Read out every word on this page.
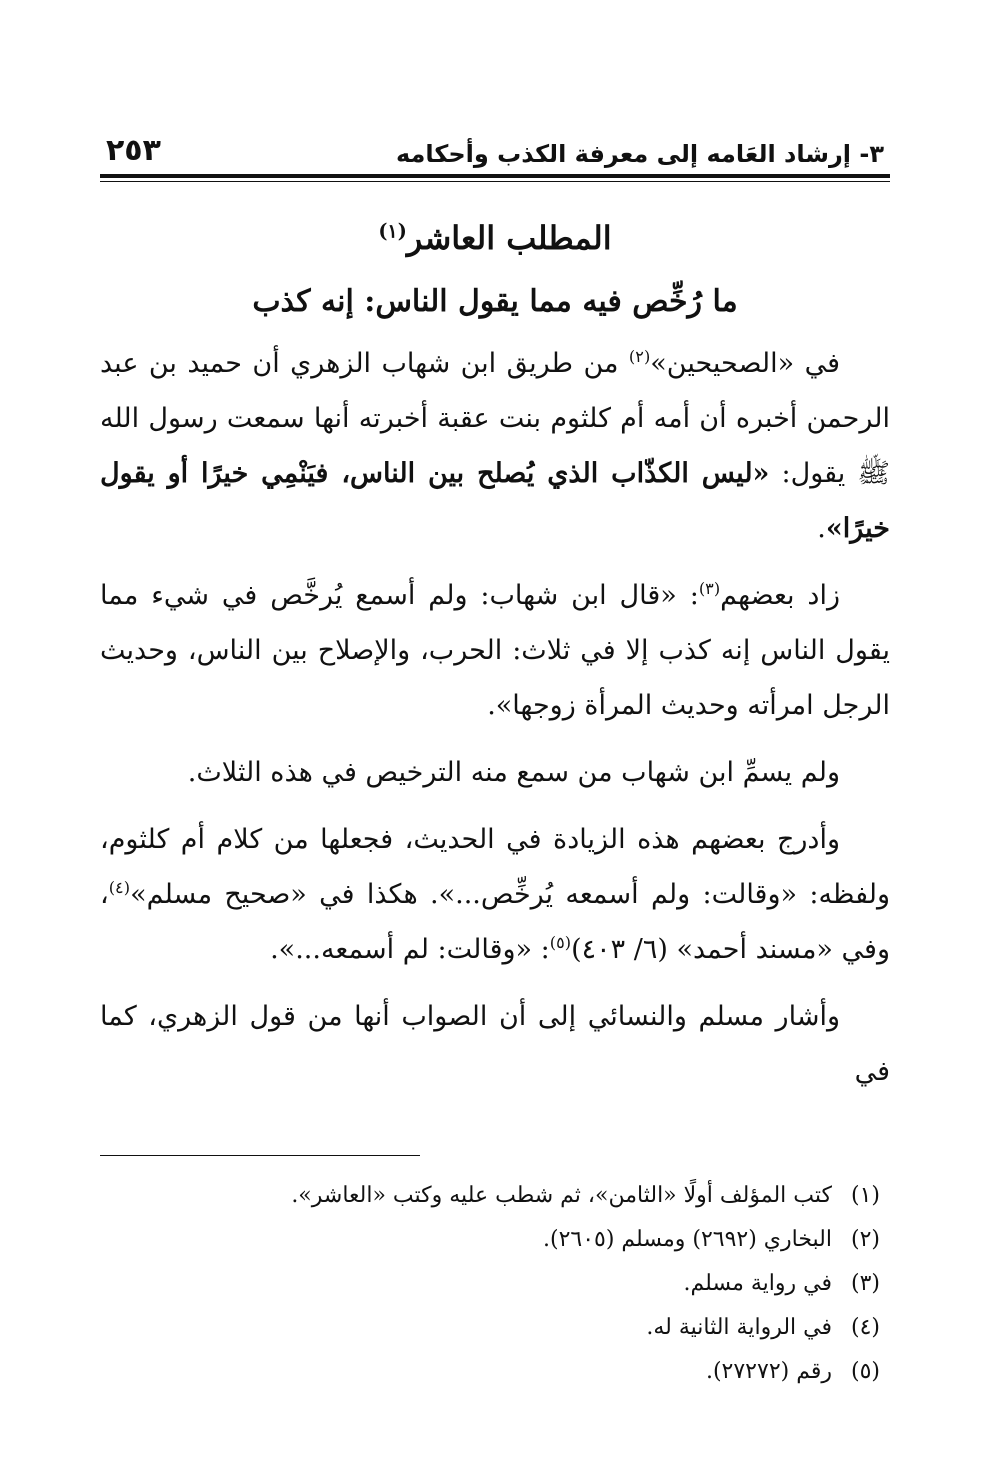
٣- إرشاد العَامه إلى معرفة الكذب وأحكامه
٢٥٣
المطلب العاشر$^{(١)}$
ما رُخِّص فيه مما يقول الناس: إنه كذب

في «الصحيحين»$^{(٢)}$ من طريق ابن شهاب الزهري أن حميد بن عبد الرحمن أخبره أن أمه أم كلثوم بنت عقبة أخبرته أنها سمعت رسول الله ﷺ يقول: «ليس الكذّاب الذي يُصلح بين الناس، فيَنْمِي خيرًا أو يقول خيرًا».

زاد بعضهم$^{(٣)}$: «قال ابن شهاب: ولم أسمع يُرخَّص في شيء مما يقول الناس إنه كذب إلا في ثلاث: الحرب، والإصلاح بين الناس، وحديث الرجل امرأته وحديث المرأة زوجها».

ولم يسمِّ ابن شهاب من سمع منه الترخيص في هذه الثلاث.

وأدرج بعضهم هذه الزيادة في الحديث، فجعلها من كلام أم كلثوم، ولفظه: «وقالت: ولم أسمعه يُرخِّص...». هكذا في «صحيح مسلم»$^{(٤)}$، وفي «مسند أحمد» (٦/ ٤٠٣)$^{(٥)}$: «وقالت: لم أسمعه...».

وأشار مسلم والنسائي إلى أن الصواب أنها من قول الزهري، كما في

(١)
كتب المؤلف أولًا «الثامن»، ثم شطب عليه وكتب «العاشر».
(٢)
البخاري (٢٦٩٢) ومسلم (٢٦٠٥).
(٣)
في رواية مسلم.
(٤)
في الرواية الثانية له.
(٥)
رقم (٢٧٢٧٢).
